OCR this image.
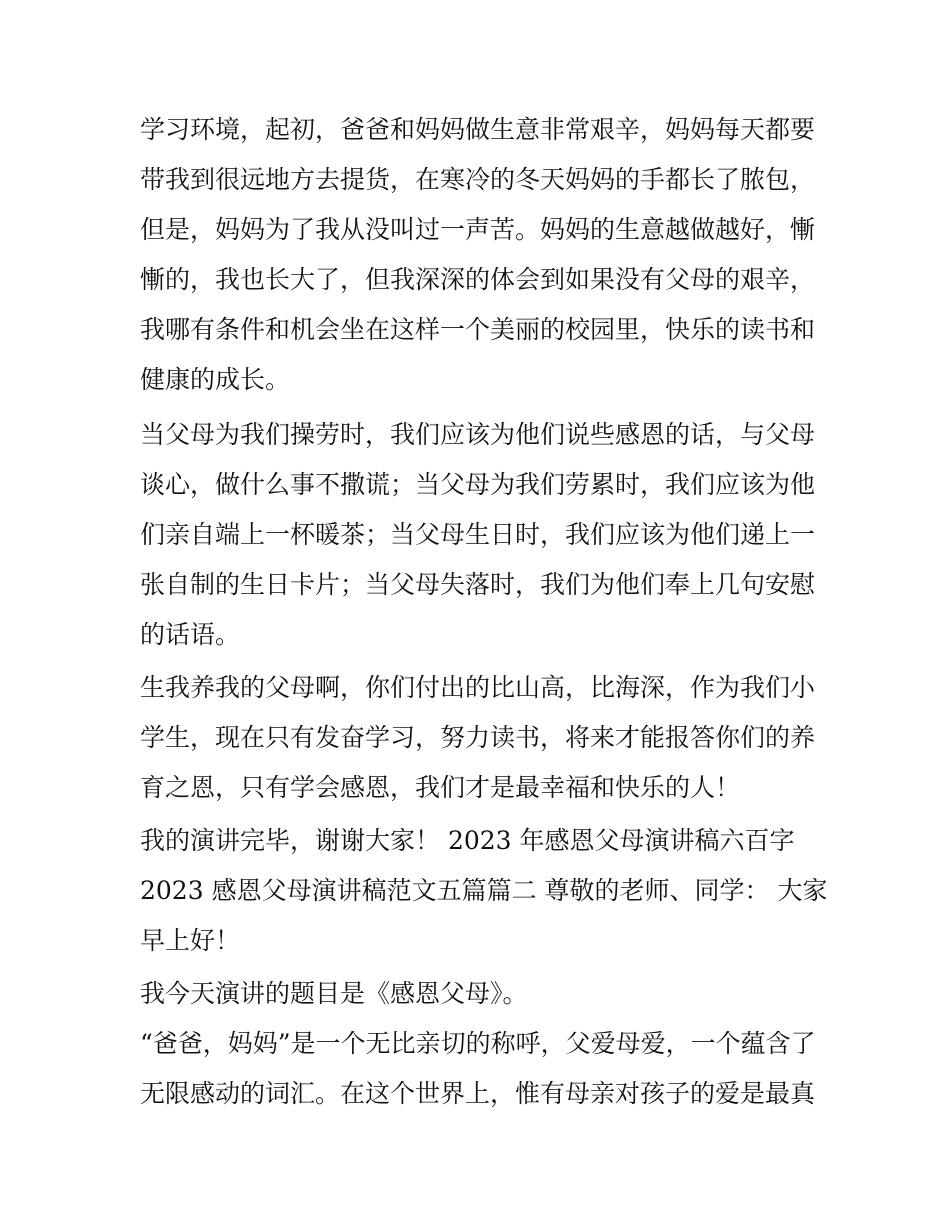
学习环境，起初，爸爸和妈妈做生意非常艰辛，妈妈每天都要
带我到很远地方去提货，在寒冷的冬天妈妈的手都长了脓包，
但是，妈妈为了我从没叫过一声苦。妈妈的生意越做越好，慚
慚的，我也长大了，但我深深的体会到如果没有父母的艰辛，
我哪有条件和机会坐在这样一个美丽的校园里，快乐的读书和
健康的成长。
当父母为我们操劳时，我们应该为他们说些感恩的话，与父母
谈心，做什么事不撒谎；当父母为我们劳累时，我们应该为他
们亲自端上一杯暖茶；当父母生日时，我们应该为他们递上一
张自制的生日卡片；当父母失落时，我们为他们奉上几句安慰
的话语。
生我养我的父母啊，你们付出的比山高，比海深，作为我们小
学生，现在只有发奋学习，努力读书，将来才能报答你们的养
育之恩，只有学会感恩，我们才是最幸福和快乐的人！
我的演讲完毕，谢谢大家！ 2023 年感恩父母演讲稿六百字
2023 感恩父母演讲稿范文五篇篇二 尊敬的老师、同学： 大家
早上好！
我今天演讲的题目是《感恩父母》。
“爸爸，妈妈”是一个无比亲切的称呼，父爱母爱，一个蕴含了
无限感动的词汇。在这个世界上，惟有母亲对孩子的爱是最真
